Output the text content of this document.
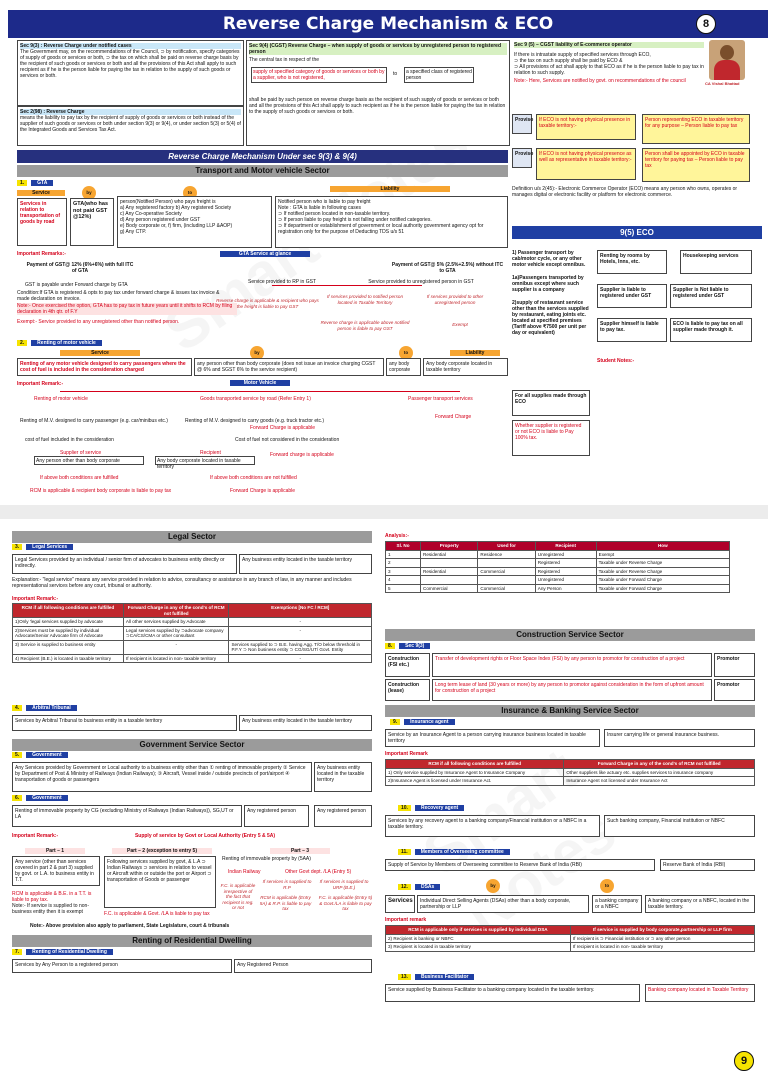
Reverse Charge Mechanism & ECO	8
Sec 9(3) : Reverse Charge under notified cases
The Government may, on the recommendations of the Council, ⊃ by notification, specify categories of supply of goods or services or both, ⊃ the tax on which shall be paid on reverse charge basis by the recipient of such goods or services or both and all the provisions of this Act shall apply to such recipient as if he is the person liable for paying the tax in relation to the supply of such goods or services or both.
Sec 2(98) : Reverse Charge
means the liability to pay tax by the recipient of supply of goods or services or both instead of the supplier of such goods or services or both under section 9(3) or 9(4), or under section 5(3) or 5(4) of the Integrated Goods and Services Tax Act.
Sec 9(4) (CGST) Reverse Charge – when supply of goods or services by unregistered person to registered person
The central tax in respect of the
supply of specified category of goods or services or both by a supplier, who is not registered,
to	a specified class of registered person
shall be paid by such person on reverse charge basis as the recipient of such supply of goods or services or both and all the provisions of this Act shall apply to such recipient as if he is the person liable for paying the tax in relation to the supply of such goods or services or both.
Sec 9 (5) – CGST liability of E-commerce operator
If there is intrastate supply of specified services through ECO,
⊃ the tax on such supply shall be paid by ECO &
⊃ All provisions of act shall apply to that ECO as if he is the person liable to pay tax in relation to such supply.
Note:- Here, Services are notified by govt. on recommendations of the council	CA Vishal Bhattad
Proviso	If ECO is not having physical presence in taxable territory:-
Person representing ECO in taxable territory for any purpose – Person liable to pay tax
Proviso	If ECO is not having physical presence as well as representative in taxable territory:-
Person shall be appointed by ECO in taxable territory for paying tax – Person liable to pay tax
Definition u/s 2(45):- Electronic Commerce Operator (ECO) means any person who owns, operates or manages digital or electronic facility or platform for electronic commerce.
Reverse Charge Mechanism Under sec 9(3) & 9(4)
Transport and Motor vehicle Sector
1.	GTA
Service	by	to
Liability
Services in relation to transportation of goods by road
GTA(who has not paid GST @12%)
person(Notified Person) who pays freight is
a) Any registered factory b) Any registered Society
c) Any Co-operative Society
d) Any person registered under GST
e) Body corporate or, f) firm, (including LLP &AOP)
g) Any CTP.
Notified person who is liable to pay freight
Note : GTA is liable in following cases
⊃ If notified person located in non-taxable territory.
⊃ If person liable to pay freight is not falling under notified categories.
⊃ If department or establishment of government or local authority government agency opt for registration only for the purpose of Deducting TDS u/s 51
Important Remarks:-	GTA Service at glance
Payment of GST@ 12% (6%+6%) with full ITC of GTA
Payment of GST@ 5% (2.5%+2.5%) without ITC to GTA
GST is payable under Forward charge by GTA
Condition:If GTA is registered & opts to pay tax under forward charge & issues tax invoice & made declaration on invoice.
Note:- Once exercised the option, GTA has to pay tax in future years until it shifts to RCM by filing declaration in 4th qtr. of F.Y
Exempt:- Service provided to any unregistered other than notified person.
Service provided to RP in GST	Service provided to unregistered person in GST
Reverse charge is applicable & recipient who pays the freight is liable to pay GST
If services provided to notified person located in Taxable Territory
If services provided to other unregistered person
Reverse charge is applicable above notified person is liable to pay GST
Exempt
2.	Renting of motor vehicle
Service	by	to	Liability
Renting of any motor vehicle designed to carry passengers where the cost of fuel is included in the consideration charged
any person other than body corporate (does not issue an invoice charging CGST @ 6% and SGST 6% to the service recipient)
any body corporate
Any body corporate located in taxable territory
Important Remark:-	Motor Vehicle
Renting of motor vehicle	Goods transported service by road (Refer Entry 1)	Passenger transport services
Renting of M.V. designed to carry passenger (e.g. car/minibus etc.)	Renting of M.V. designed to carry goods (e.g. truck tractor etc.)
Forward Charge
Forward Charge is applicable
cost of fuel included in the consideration	Cost of fuel not considered in the consideration
Supplier of service	Recipient
Any person other than body corporate	Any body corporate located in taxable territory
Forward charge is applicable
If above both conditions are fulfilled	If above both conditions are not fulfilled
RCM is applicable & recipient body corporate is liable to pay tax	Forward Charge is applicable
9(5) ECO
1) Passenger transport by cab/motor cycle, or any other motor vehicle except omnibus.
1a)Passengers transported by omnibus except where such supplier is a company
2)supply of restaurant service other than the services supplied by restaurant, eating joints etc. located at specified premises (Tariff above ₹7500 per unit per day or equivalent)
For all supplies made through ECO
Whether supplier is registered or not ECO is liable to Pay 100% tax.
Renting by rooms by Hotels, Inns, etc.
Housekeeping services
Supplier is liable to registered under GST
Supplier is Not liable to registered under GST
Supplier himself is liable to pay tax.
ECO is liable to pay tax on all supplier made through it.
Student Notes:-
Legal Sector
3.	Legal Services
Legal Services provided by an individual / senior firm of advocates to business entity directly or indirectly.
Any business entity located in the taxable territory
Explanation:- "legal service" means any service provided in relation to advice, consultancy or assistance in any branch of law, in any manner and includes representational services before any court, tribunal or authority.
Important Remark:-
RCM if all following conditions are fulfilled	Forward Charge in any of the cond's of RCM not fulfilled	Exemptions [No FC / RCM]
1)Only 'legal services supplied by advocate	All other services supplied by Advocate	-
2)Services must be supplied by individual Advocate/Senior Advocate firm of Advocate	Legal services supplied by ⊃advocate company ⊃CA/CS/CMA or other consultant	-
3) Service is supplied to business entity	-	Services supplied to ⊃ B.E. having Agg. T/O below threshold in P.F.Y ⊃ Non business entity ⊃ CG/SG/UT/ Govt. Entity
4) Recipient (B.E.) is located in taxable territory	If recipient is located in non- taxable territory	-
4.	Arbitral Tribunal
Services by Arbitral Tribunal to business entity in a taxable territory	Any business entity located in the taxable territory
Government Service Sector
5.	Government
Any Services provided by Government or Local authority to a business entity other than ① renting of immovable property ② Service by Department of Post & Ministry of Railways (Indian Railways); ③ Aircraft, Vessel inside / outside precincts of port/airport ④ transportation of goods or passengers
Any business entity located in the taxable territory
6.	Government
Renting of immovable property by CG (excluding Ministry of Railways (Indian Railways)), SG,UT or LA
Any registered person	Any registered person
Important Remark:-	Supply of service by Govt or Local Authority (Entry 5 & 5A)
Part – 1	Part – 2 (exception to entry 5)	Part – 3
Any service (other than services covered in part 2 & part 3) supplied by govt. or L.A. to business entity in T.T.
Following services supplied by govt, & L.A ⊃ Indian Railways ⊃ services in relation to vessel or Aircraft within or outside the port or Airport ⊃ transportation of Goods or passenger
Renting of immovable property by (5AA)
Indian Railway	Other Govt dept. /LA (Entry 5)
F.C. is applicable irrespective of the fact that recipient is reg. or not
If services is supplied to R.P
If services is supplied to URP (B.E.)
RCM is applicable (Entry 5A) & R.P. is liable to pay tax
F.C. is applicable (Entry 5) & Govt./LA is liable to pay tax
RCM is applicable & B.E. in a T.T. is liable to pay tax.
Note:- If service is supplied to non- business entity then it is exempt	F.C. is applicable & Govt. /LA is liable to pay tax
Note:- Above provision also apply to parliament, State Legislature, court & tribunals
Renting of Residential Dwelling
7.	Renting of Residential Dwelling
Services by Any Person to a registered person	Any Registered Person
Analysis:-
9
Sl. No	Property	Used for	Recipient	How
1	Residential	Residence	Unregistered	Exempt
2			Registered	Taxable under Reverse Charge
3	Residential	Commercial	Registered	Taxable under Reverse Charge
4			Unregistered	Taxable under Forward Charge
5	Commercial	Commercial	Any Person	Taxable under Forward Charge
Construction Service Sector
8.	Sec 9(3)
Construction (FSI etc.)
Transfer of development rights or Floor Space Index (FSI) by any person to promotor for construction of a project	Promotor
Construction (lease)
Long term lease of land (30 years or more) by any person to promotor against consideration in the form of upfront amount for construction of a project
Promotor
Insurance & Banking Service Sector
9.	Insurance agent
Service by an Insurance Agent to a person carrying insurance business located in taxable territory
Insurer carrying life or general insurance business.
Important Remark
RCM if all following conditions are fulfilled	Forward Charge in any of the cond's of RCM not fulfilled
1) Only service supplied by Insurance Agent to Insurance Company	Other suppliers like actuary etc. supplies services to insurance company
2)Insurance Agent is licensed under Insurance Act.	Insurance Agent not licensed under Insurance Act
10.	Recovery agent
Services by any recovery agent to a banking company/Financial institution or a NBFC in a taxable territory.
Such banking company, Financial institution or NBFC
11.	Members of Overseeing committee
Supply of Service by Members of Overseeing committee to Reserve Bank of India (RBI)	Reserve Bank of India (RBI)
12.	DSAs	by	to
Services	Individual Direct Selling Agents (DSAs) other than a body corporate, partnership or LLP
a banking company or a NBFC
A banking company or a NBFC, located in the taxable territory.
Important remark
RCM is applicable only if services is supplied by individual DSA	If service is supplied by body corporate,partnership or LLP firm
2) Recipient is banking or NBFC	If recipient is ⊃ Financial institution or ⊃ any other person
3) Recipient is located in taxable territory	If recipient is located in non- taxable territory
13.	Business Facilitator
Service supplied by Business Facilitator to a banking company located in the taxable territory.	Banking company located in Taxable Territory
